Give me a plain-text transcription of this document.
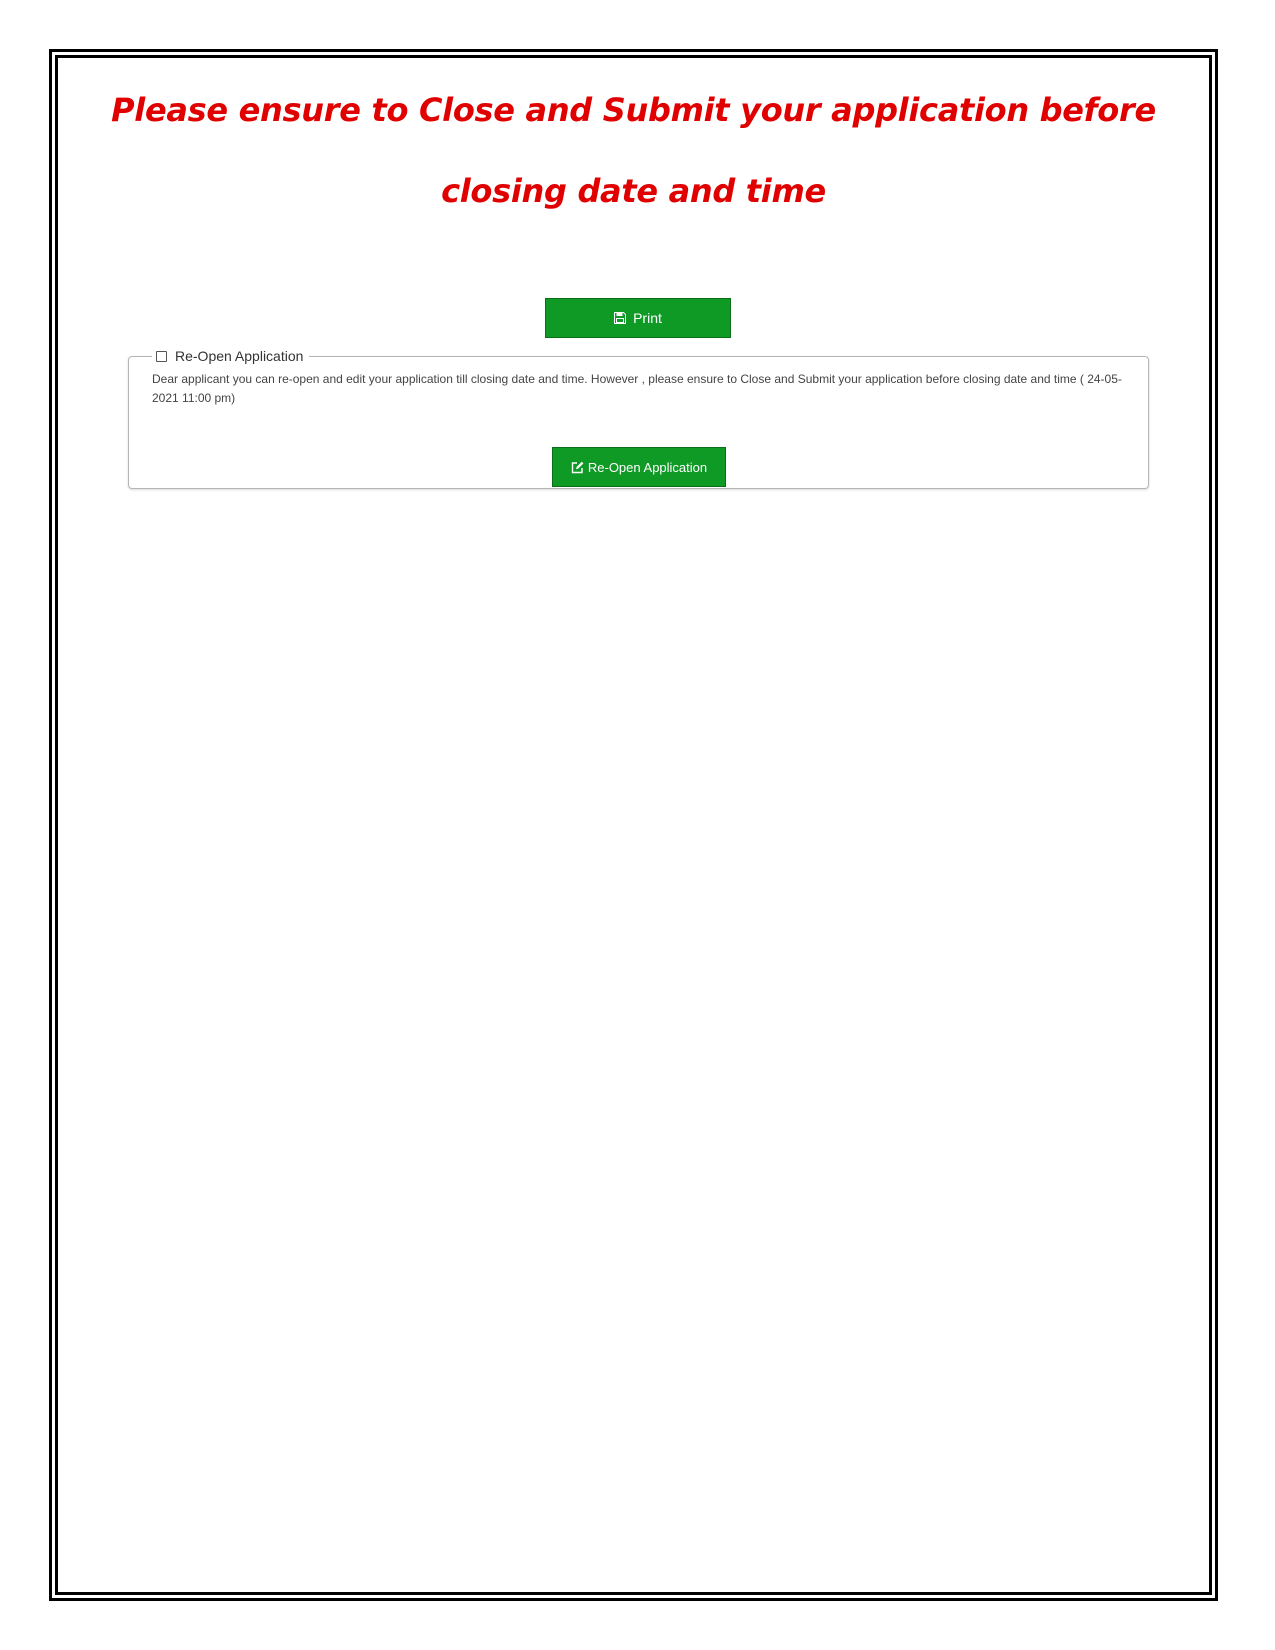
Please ensure to Close and Submit your application before
closing date and time
Print
Re-Open Application

Dear applicant you can re-open and edit your application till closing date and time. However , please ensure to Close and Submit your application before closing date and time ( 24-05-2021 11:00 pm)

Re-Open Application
